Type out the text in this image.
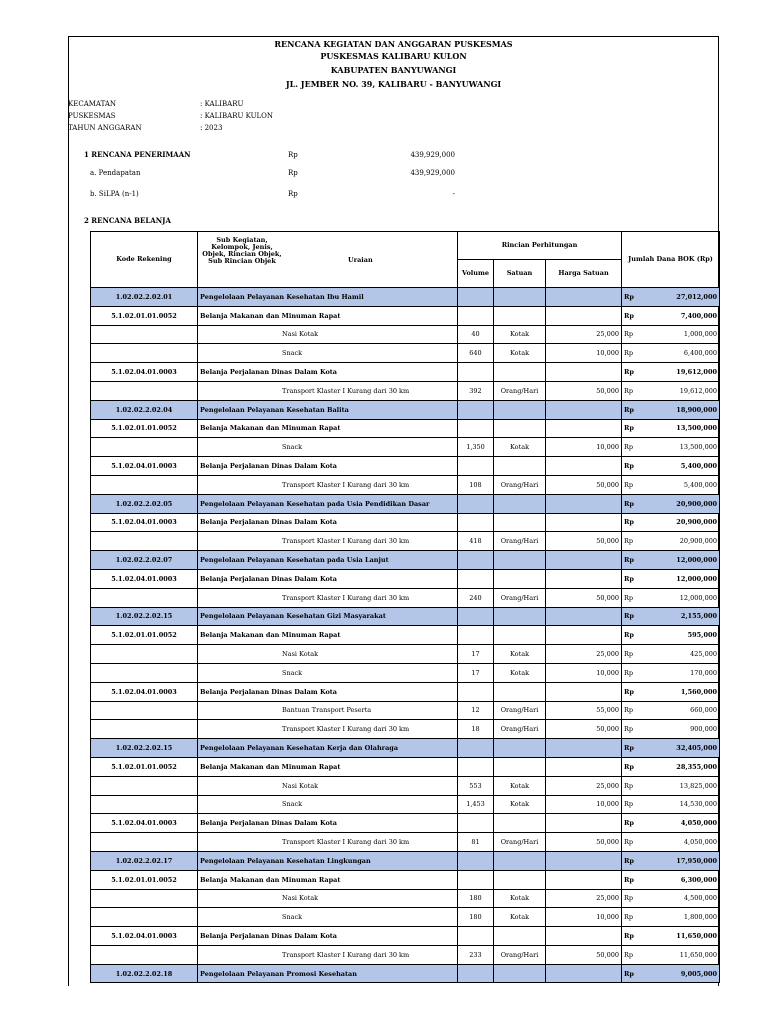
RENCANA KEGIATAN DAN ANGGARAN PUSKESMAS
PUSKESMAS KALIBARU KULON
KABUPATEN BANYUWANGI
JL. JEMBER NO. 39, KALIBARU - BANYUWANGI
KECAMATAN	: KALIBARU
PUSKESMAS	: KALIBARU KULON
TAHUN ANGGARAN	: 2023
1 RENCANA PENERIMAAN	Rp	439,929,000
a. Pendapatan	Rp	439,929,000
b. SiLPA (n-1)	Rp	-
2 RENCANA BELANJA
Kode Rekening	Sub Kegiatan, Kelompok, Jenis, Objek, Rincian Objek, Sub Rincian Objek Uraian	Rincian Perhitungan			Jumlah Dana BOK (Rp)
		Volume	Satuan	Harga Satuan	
1.02.02.2.02.01	Pengelolaan Pelayanan Kesehatan Ibu Hamil				Rp 27,012,000

5.1.02.01.01.0052	Belanja Makanan dan Minuman Rapat				Rp 7,400,000

	Nasi Kotak	40	Kotak	25,000	Rp 1,000,000

	Snack	640	Kotak	10,000	Rp 6,400,000

5.1.02.04.01.0003	Belanja Perjalanan Dinas Dalam Kota				Rp 19,612,000

	Transport Klaster I Kurang dari 30 km	392	Orang/Hari	50,000	Rp 19,612,000

1.02.02.2.02.04	Pengelolaan Pelayanan Kesehatan Balita				Rp 18,900,000

5.1.02.01.01.0052	Belanja Makanan dan Minuman Rapat				Rp 13,500,000

	Snack	1,350	Kotak	10,000	Rp 13,500,000

5.1.02.04.01.0003	Belanja Perjalanan Dinas Dalam Kota				Rp 5,400,000

	Transport Klaster I Kurang dari 30 km	108	Orang/Hari	50,000	Rp 5,400,000

1.02.02.2.02.05	Pengelolaan Pelayanan Kesehatan pada Usia Pendidikan Dasar				Rp 20,900,000

5.1.02.04.01.0003	Belanja Perjalanan Dinas Dalam Kota				Rp 20,900,000

	Transport Klaster I Kurang dari 30 km	418	Orang/Hari	50,000	Rp 20,900,000

1.02.02.2.02.07	Pengelolaan Pelayanan Kesehatan pada Usia Lanjut				Rp 12,000,000

5.1.02.04.01.0003	Belanja Perjalanan Dinas Dalam Kota				Rp 12,000,000

	Transport Klaster I Kurang dari 30 km	240	Orang/Hari	50,000	Rp 12,000,000

1.02.02.2.02.15	Pengelolaan Pelayanan Kesehatan Gizi Masyarakat				Rp 2,155,000

5.1.02.01.01.0052	Belanja Makanan dan Minuman Rapat				Rp 595,000

	Nasi Kotak	17	Kotak	25,000	Rp 425,000

	Snack	17	Kotak	10,000	Rp 170,000

5.1.02.04.01.0003	Belanja Perjalanan Dinas Dalam Kota				Rp 1,560,000

	Bantuan Transport Peserta	12	Orang/Hari	55,000	Rp 660,000

	Transport Klaster I Kurang dari 30 km	18	Orang/Hari	50,000	Rp 900,000

1.02.02.2.02.15	Pengelolaan Pelayanan Kesehatan Kerja dan Olahraga				Rp 32,405,000

5.1.02.01.01.0052	Belanja Makanan dan Minuman Rapat				Rp 28,355,000

	Nasi Kotak	553	Kotak	25,000	Rp 13,825,000

	Snack	1,453	Kotak	10,000	Rp 14,530,000

5.1.02.04.01.0003	Belanja Perjalanan Dinas Dalam Kota				Rp 4,050,000

	Transport Klaster I Kurang dari 30 km	81	Orang/Hari	50,000	Rp 4,050,000

1.02.02.2.02.17	Pengelolaan Pelayanan Kesehatan Lingkungan				Rp 17,950,000

5.1.02.01.01.0052	Belanja Makanan dan Minuman Rapat				Rp 6,300,000

	Nasi Kotak	180	Kotak	25,000	Rp 4,500,000

	Snack	180	Kotak	10,000	Rp 1,800,000

5.1.02.04.01.0003	Belanja Perjalanan Dinas Dalam Kota				Rp 11,650,000

	Transport Klaster I Kurang dari 30 km	233	Orang/Hari	50,000	Rp 11,650,000

1.02.02.2.02.18	Pengelolaan Pelayanan Promosi Kesehatan				Rp 9,005,000
